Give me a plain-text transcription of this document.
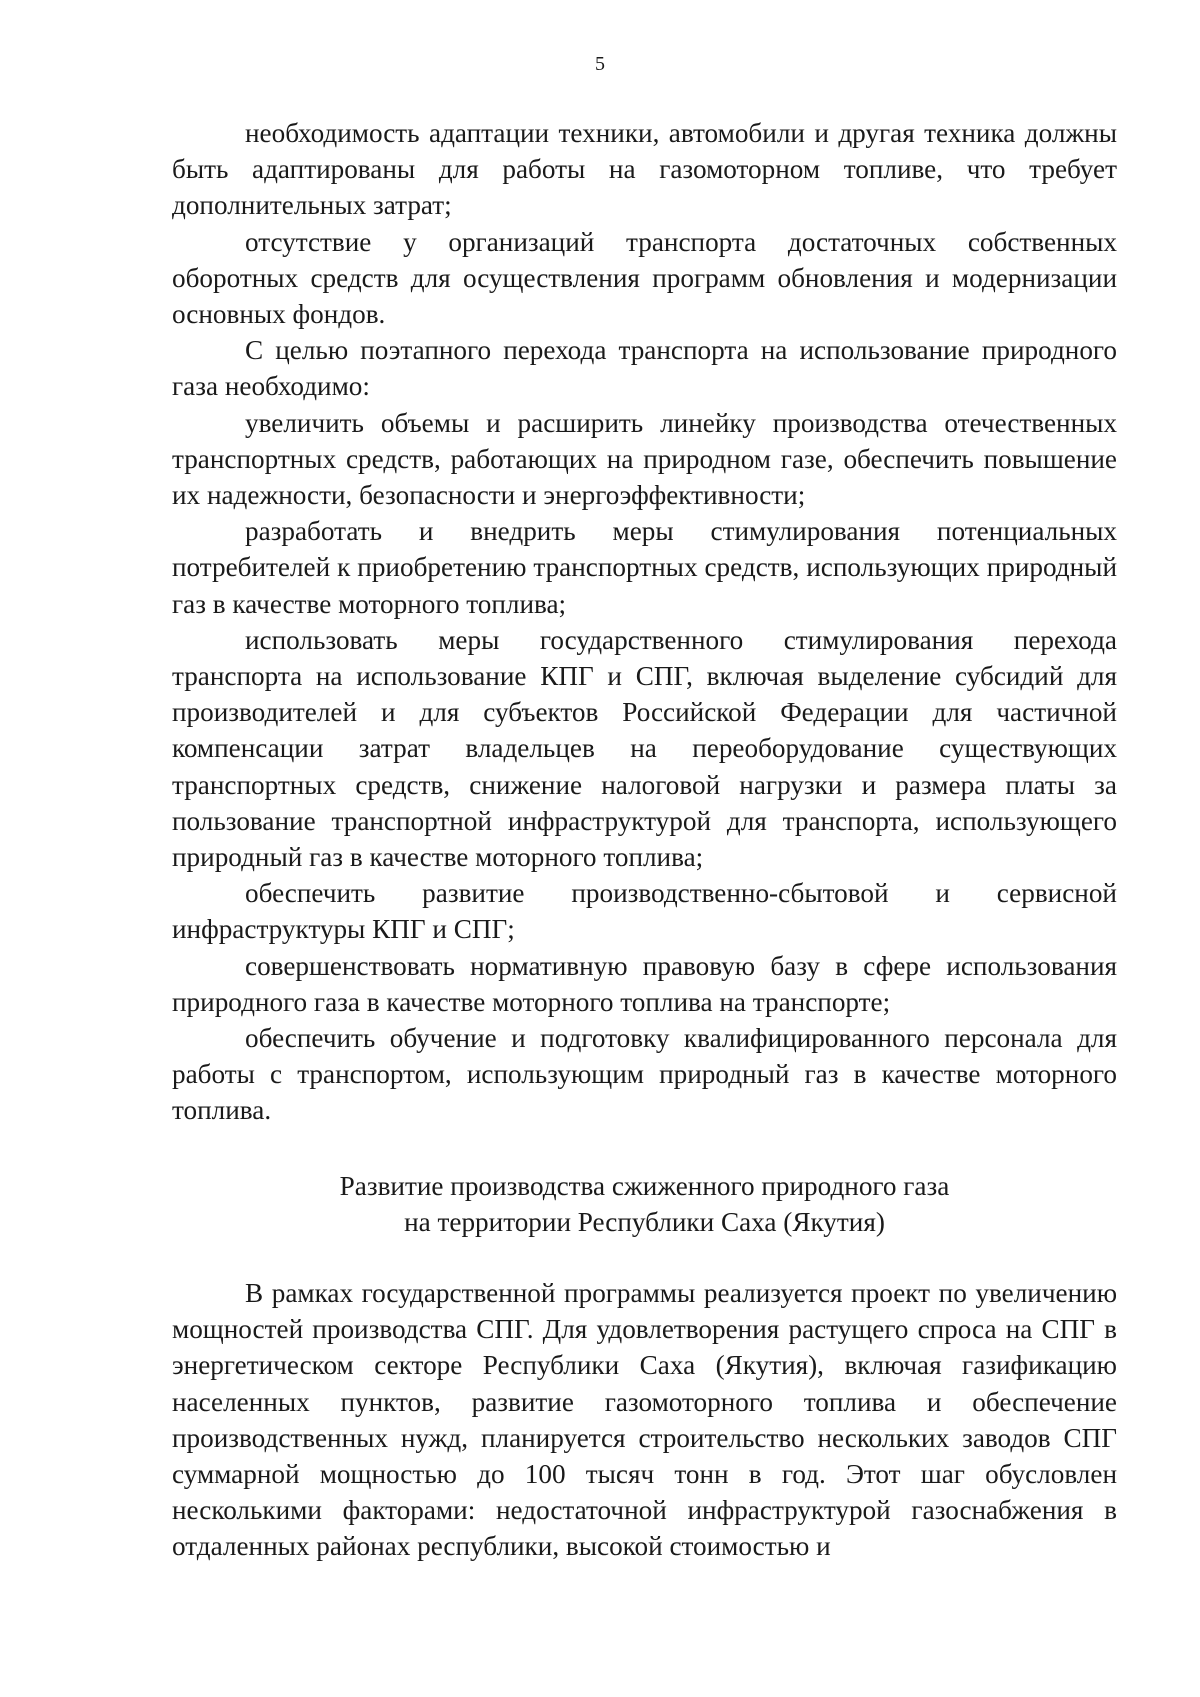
5

необходимость адаптации техники, автомобили и другая техника должны быть адаптированы для работы на газомоторном топливе, что требует дополнительных затрат;

отсутствие у организаций транспорта достаточных собственных оборотных средств для осуществления программ обновления и модернизации основных фондов.

С целью поэтапного перехода транспорта на использование природного газа необходимо:

увеличить объемы и расширить линейку производства отечественных транспортных средств, работающих на природном газе, обеспечить повышение их надежности, безопасности и энергоэффективности;

разработать и внедрить меры стимулирования потенциальных потребителей к приобретению транспортных средств, использующих природный газ в качестве моторного топлива;

использовать меры государственного стимулирования перехода транспорта на использование КПГ и СПГ, включая выделение субсидий для производителей и для субъектов Российской Федерации для частичной компенсации затрат владельцев на переоборудование существующих транспортных средств, снижение налоговой нагрузки и размера платы за пользование транспортной инфраструктурой для транспорта, использующего природный газ в качестве моторного топлива;

обеспечить развитие производственно-сбытовой и сервисной инфраструктуры КПГ и СПГ;

совершенствовать нормативную правовую базу в сфере использования природного газа в качестве моторного топлива на транспорте;

обеспечить обучение и подготовку квалифицированного персонала для работы с транспортом, использующим природный газ в качестве моторного топлива.

Развитие производства сжиженного природного газа
на территории Республики Саха (Якутия)

В рамках государственной программы реализуется проект по увеличению мощностей производства СПГ. Для удовлетворения растущего спроса на СПГ в энергетическом секторе Республики Саха (Якутия), включая газификацию населенных пунктов, развитие газомоторного топлива и обеспечение производственных нужд, планируется строительство нескольких заводов СПГ суммарной мощностью до 100 тысяч тонн в год. Этот шаг обусловлен несколькими факторами: недостаточной инфраструктурой газоснабжения в отдаленных районах республики, высокой стоимостью и
